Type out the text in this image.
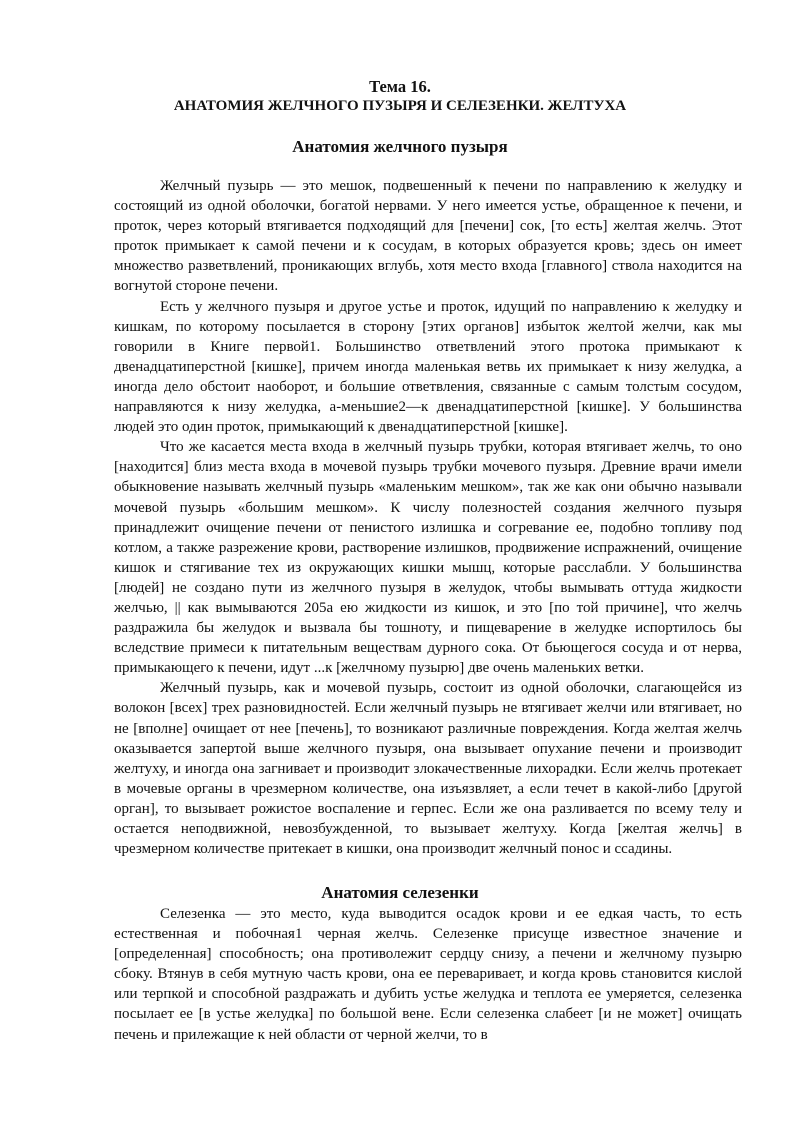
Тема 16.
АНАТОМИЯ ЖЕЛЧНОГО ПУЗЫРЯ И СЕЛЕЗЕНКИ. ЖЕЛТУХА
Анатомия желчного пузыря

Желчный пузырь — это мешок, подвешенный к печени по направлению к желудку и состоящий из одной оболочки, богатой нервами. У него имеется устье, обращенное к печени, и проток, через который втягивается подходящий для [печени] сок, [то есть] желтая желчь. Этот проток примыкает к самой печени и к сосудам, в которых образуется кровь; здесь он имеет множество разветвлений, проникающих вглубь, хотя место входа [главного] ствола находится на вогнутой стороне печени.

Есть у желчного пузыря и другое устье и проток, идущий по направлению к желудку и кишкам, по которому посылается в сторону [этих органов] избыток желтой желчи, как мы говорили в Книге первой1. Большинство ответвлений этого протока примыкают к двенадцатиперстной [кишке], причем иногда маленькая ветвь их примыкает к низу желудка, а иногда дело обстоит наоборот, и большие ответвления, связанные с самым толстым сосудом, направляются к низу желудка, а-меньшие2—к двенадцатиперстной [кишке]. У большинства людей это один проток, примыкающий к двенадцатиперстной [кишке].

Что же касается места входа в желчный пузырь трубки, которая втягивает желчь, то оно [находится] близ места входа в мочевой пузырь трубки мочевого пузыря. Древние врачи имели обыкновение называть желчный пузырь «маленьким мешком», так же как они обычно называли мочевой пузырь «большим мешком». К числу полезностей создания желчного пузыря принадлежит очищение печени от пенистого излишка и согревание ее, подобно топливу под котлом, а также разрежение крови, растворение излишков, продвижение испражнений, очищение кишок и стягивание тех из окружающих кишки мышц, которые расслабли. У большинства [людей] не создано пути из желчного пузыря в желудок, чтобы вымывать оттуда жидкости желчью, || как вымываются 205а ею жидкости из кишок, и это [по той причине], что желчь раздражила бы желудок и вызвала бы тошноту, и пищеварение в желудке испортилось бы вследствие примеси к питательным веществам дурного сока. От бьющегося сосуда и от нерва, примыкающего к печени, идут ...к [желчному пузырю] две очень маленьких ветки.

Желчный пузырь, как и мочевой пузырь, состоит из одной оболочки, слагающейся из волокон [всех] трех разновидностей. Если желчный пузырь не втягивает желчи или втягивает, но не [вполне] очищает от нее [печень], то возникают различные повреждения. Когда желтая желчь оказывается запертой выше желчного пузыря, она вызывает опухание печени и производит желтуху, и иногда она загнивает и производит злокачественные лихорадки. Если желчь протекает в мочевые органы в чрезмерном количестве, она изъязвляет, а если течет в какой-либо [другой орган], то вызывает рожистое воспаление и герпес. Если же она разливается по всему телу и остается неподвижной, невозбужденной, то вызывает желтуху. Когда [желтая желчь] в чрезмерном количестве притекает в кишки, она производит желчный понос и ссадины.

Анатомия селезенки

Селезенка — это место, куда выводится осадок крови и ее едкая часть, то есть естественная и побочная1 черная желчь. Селезенке присуще известное значение и [определенная] способность; она противолежит сердцу снизу, а печени и желчному пузырю сбоку. Втянув в себя мутную часть крови, она ее переваривает, и когда кровь становится кислой или терпкой и способной раздражать и дубить устье желудка и теплота ее умеряется, селезенка посылает ее [в устье желудка] по большой вене. Если селезенка слабеет [и не может] очищать печень и прилежащие к ней области от черной желчи, то в
